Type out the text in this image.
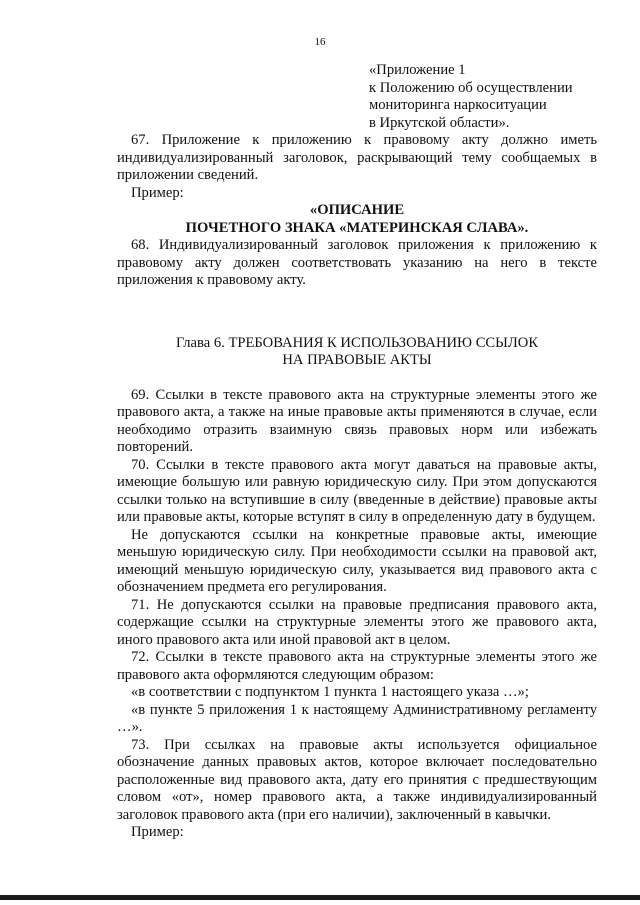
16

«Приложение 1

к Положению об осуществлении

мониторинга наркоситуации

в Иркутской области».

67. Приложение к приложению к правовому акту должно иметь индивидуализированный заголовок, раскрывающий тему сообщаемых в приложении сведений.

Пример:

«ОПИСАНИЕ

ПОЧЕТНОГО ЗНАКА «МАТЕРИНСКАЯ СЛАВА».

68. Индивидуализированный заголовок приложения к приложению к правовому акту должен соответствовать указанию на него в тексте приложения к правовому акту.

Глава 6. ТРЕБОВАНИЯ К ИСПОЛЬЗОВАНИЮ ССЫЛОК

НА ПРАВОВЫЕ АКТЫ

69. Ссылки в тексте правового акта на структурные элементы этого же правового акта, а также на иные правовые акты применяются в случае, если необходимо отразить взаимную связь правовых норм или избежать повторений.

70. Ссылки в тексте правового акта могут даваться на правовые акты, имеющие большую или равную юридическую силу. При этом допускаются ссылки только на вступившие в силу (введенные в действие) правовые акты или правовые акты, которые вступят в силу в определенную дату в будущем.

Не допускаются ссылки на конкретные правовые акты, имеющие меньшую юридическую силу. При необходимости ссылки на правовой акт, имеющий меньшую юридическую силу, указывается вид правового акта с обозначением предмета его регулирования.

71. Не допускаются ссылки на правовые предписания правового акта, содержащие ссылки на структурные элементы этого же правового акта, иного правового акта или иной правовой акт в целом.

72. Ссылки в тексте правового акта на структурные элементы этого же правового акта оформляются следующим образом:

«в соответствии с подпунктом 1 пункта 1 настоящего указа …»;

«в пункте 5 приложения 1 к настоящему Административному регламенту …».

73. При ссылках на правовые акты используется официальное обозначение данных правовых актов, которое включает последовательно расположенные вид правового акта, дату его принятия с предшествующим словом «от», номер правового акта, а также индивидуализированный заголовок правового акта (при его наличии), заключенный в кавычки.

Пример:
